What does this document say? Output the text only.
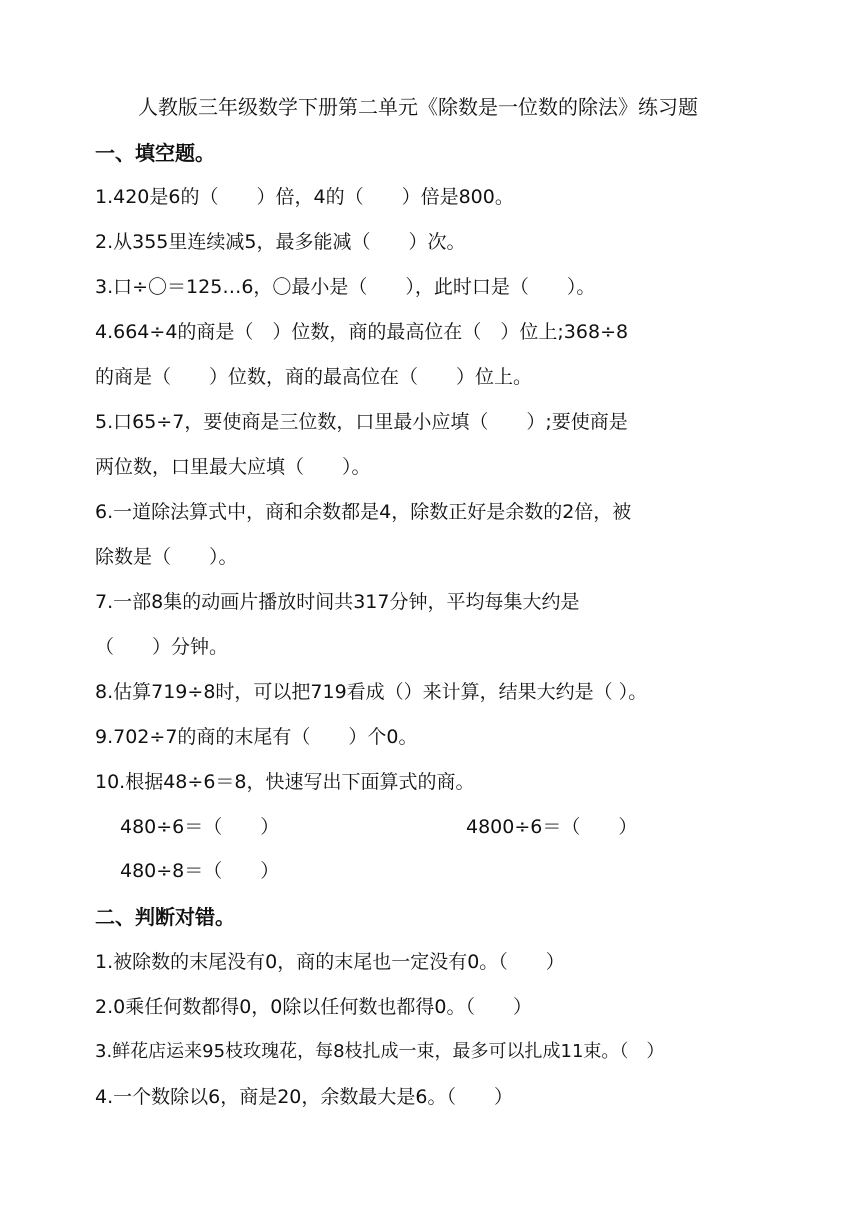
人教版三年级数学下册第二单元《除数是一位数的除法》练习题
一、填空题。
1.420是6的（　　）倍，4的（　　）倍是800。
2.从355里连续减5，最多能减（　　）次。
3.口÷〇＝125…6，〇最小是（　　），此时口是（　　）。
4.664÷4的商是（　）位数，商的最高位在（　）位上;368÷8
的商是（　　）位数，商的最高位在（　　）位上。
5.口65÷7，要使商是三位数，口里最小应填（　　）;要使商是
两位数，口里最大应填（　　）。
6.一道除法算式中，商和余数都是4，除数正好是余数的2倍，被
除数是（　　）。
7.一部8集的动画片播放时间共317分钟，平均每集大约是
（　　）分钟。
8.估算719÷8时，可以把719看成（）来计算，结果大约是（ ）。
9.702÷7的商的末尾有（　　）个0。
10.根据48÷6＝8，快速写出下面算式的商。
480÷6＝（　　）	4800÷6＝（　　）
480÷8＝（　　）
二、判断对错。
1.被除数的末尾没有0，商的末尾也一定没有0。（　　）
2.0乘任何数都得0，0除以任何数也都得0。（　　）
3.鲜花店运来95枝玫瑰花，每8枝扎成一束，最多可以扎成11束。（　）
4.一个数除以6，商是20，余数最大是6。（　　）
